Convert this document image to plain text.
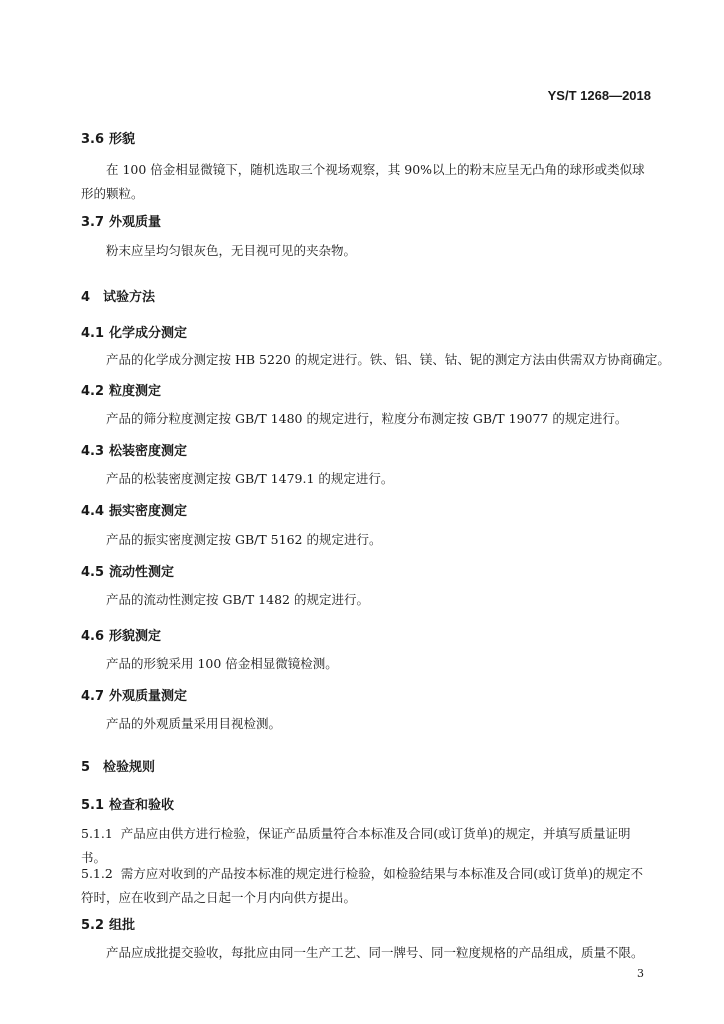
YS/T 1268—2018
3.6 形貌
在 100 倍金相显微镜下，随机选取三个视场观察，其 90%以上的粉末应呈无凸角的球形或类似球形的颗粒。
3.7 外观质量
粉末应呈均匀银灰色，无目视可见的夹杂物。
4 试验方法
4.1 化学成分测定
产品的化学成分测定按 HB 5220 的规定进行。铁、铝、镁、钴、铌的测定方法由供需双方协商确定。
4.2 粒度测定
产品的筛分粒度测定按 GB/T 1480 的规定进行，粒度分布测定按 GB/T 19077 的规定进行。
4.3 松装密度测定
产品的松装密度测定按 GB/T 1479.1 的规定进行。
4.4 振实密度测定
产品的振实密度测定按 GB/T 5162 的规定进行。
4.5 流动性测定
产品的流动性测定按 GB/T 1482 的规定进行。
4.6 形貌测定
产品的形貌采用 100 倍金相显微镜检测。
4.7 外观质量测定
产品的外观质量采用目视检测。
5 检验规则
5.1 检查和验收
5.1.1 产品应由供方进行检验，保证产品质量符合本标准及合同(或订货单)的规定，并填写质量证明书。
5.1.2 需方应对收到的产品按本标准的规定进行检验，如检验结果与本标准及合同(或订货单)的规定不符时，应在收到产品之日起一个月内向供方提出。
5.2 组批
产品应成批提交验收，每批应由同一生产工艺、同一牌号、同一粒度规格的产品组成，质量不限。
3
